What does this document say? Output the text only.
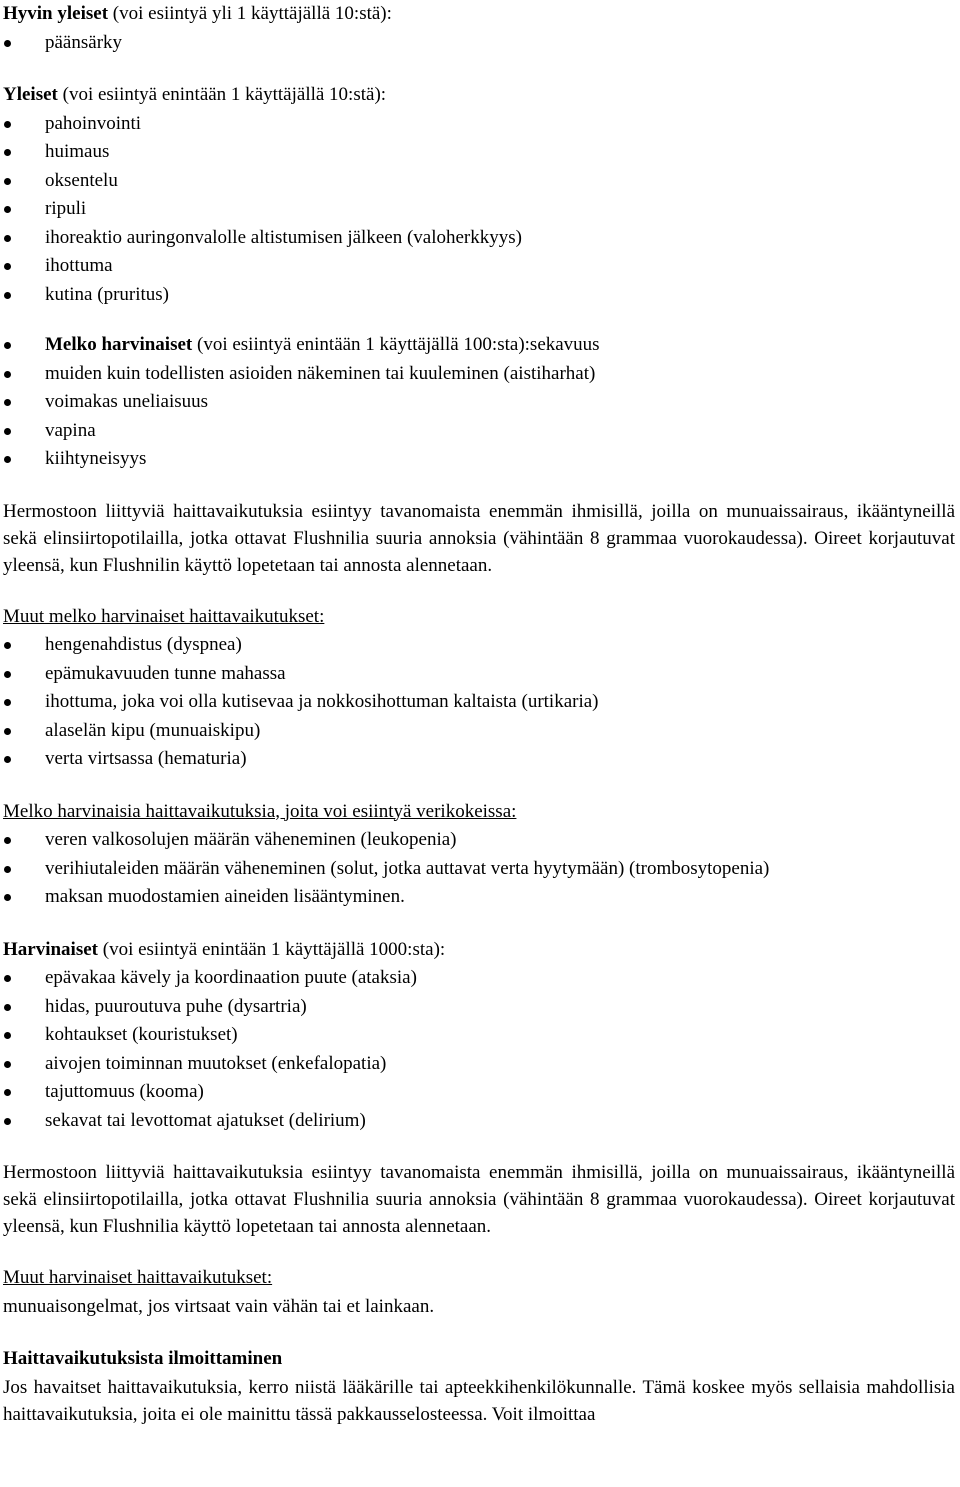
Hyvin yleiset (voi esiintyä yli 1 käyttäjällä 10:stä):

päänsärky

Yleiset (voi esiintyä enintään 1 käyttäjällä 10:stä):

pahoinvointi
huimaus
oksentelu
ripuli
ihoreaktio auringonvalolle altistumisen jälkeen (valoherkkyys)
ihottuma
kutina (pruritus)
Melko harvinaiset (voi esiintyä enintään 1 käyttäjällä 100:sta):sekavuus
muiden kuin todellisten asioiden näkeminen tai kuuleminen (aistiharhat)
voimakas uneliaisuus
vapina
kiihtyneisyys

Hermostoon liittyviä haittavaikutuksia esiintyy tavanomaista enemmän ihmisillä, joilla on munuaissairaus, ikääntyneillä sekä elinsiirtopotilailla, jotka ottavat Flushnilia suuria annoksia (vähintään 8 grammaa vuorokaudessa). Oireet korjautuvat yleensä, kun Flushnilin käyttö lopetetaan tai annosta alennetaan.

Muut melko harvinaiset haittavaikutukset:

hengenahdistus (dyspnea)
epämukavuuden tunne mahassa
ihottuma, joka voi olla kutisevaa ja nokkosihottuman kaltaista (urtikaria)
alaselän kipu (munuaiskipu)
verta virtsassa (hematuria)

Melko harvinaisia haittavaikutuksia, joita voi esiintyä verikokeissa:

veren valkosolujen määrän väheneminen (leukopenia)
verihiutaleiden määrän väheneminen (solut, jotka auttavat verta hyytymään) (trombosytopenia)
maksan muodostamien aineiden lisääntyminen.

Harvinaiset (voi esiintyä enintään 1 käyttäjällä 1000:sta):

epävakaa kävely ja koordinaation puute (ataksia)
hidas, puuroutuva puhe (dysartria)
kohtaukset (kouristukset)
aivojen toiminnan muutokset (enkefalopatia)
tajuttomuus (kooma)
sekavat tai levottomat ajatukset (delirium)

Hermostoon liittyviä haittavaikutuksia esiintyy tavanomaista enemmän ihmisillä, joilla on munuaissairaus, ikääntyneillä sekä elinsiirtopotilailla, jotka ottavat Flushnilia suuria annoksia (vähintään 8 grammaa vuorokaudessa). Oireet korjautuvat yleensä, kun Flushnilia käyttö lopetetaan tai annosta alennetaan.

Muut harvinaiset haittavaikutukset:

munuaisongelmat, jos virtsaat vain vähän tai et lainkaan.

Haittavaikutuksista ilmoittaminen

Jos havaitset haittavaikutuksia, kerro niistä lääkärille tai apteekkihenkilökunnalle. Tämä koskee myös sellaisia mahdollisia haittavaikutuksia, joita ei ole mainittu tässä pakkausselosteessa. Voit ilmoittaa
